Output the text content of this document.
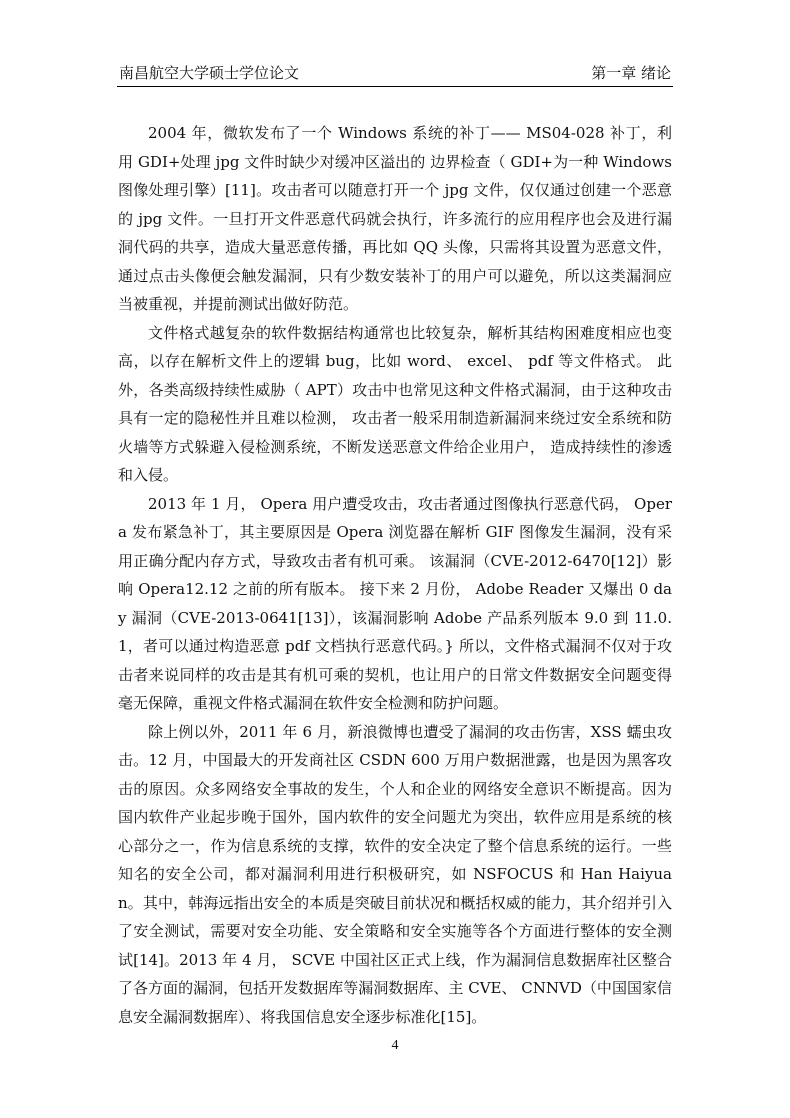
南昌航空大学硕士学位论文	第一章 绪论

2004 年，微软发布了一个 Windows 系统的补丁—— MS04-028 补丁，利用 GDI+处理 jpg 文件时缺少对缓冲区溢出的 边界检查（ GDI+为一种 Windows 图像处理引擎）[11]。攻击者可以随意打开一个 jpg 文件，仅仅通过创建一个恶意的 jpg 文件。一旦打开文件恶意代码就会执行，许多流行的应用程序也会及进行漏洞代码的共享，造成大量恶意传播，再比如 QQ 头像，只需将其设置为恶意文件，通过点击头像便会触发漏洞，只有少数安装补丁的用户可以避免，所以这类漏洞应当被重视，并提前测试出做好防范。

文件格式越复杂的软件数据结构通常也比较复杂，解析其结构困难度相应也变高，以存在解析文件上的逻辑 bug，比如 word、 excel、 pdf 等文件格式。 此外，各类高级持续性威胁（ APT）攻击中也常见这种文件格式漏洞，由于这种攻击具有一定的隐秘性并且难以检测， 攻击者一般采用制造新漏洞来绕过安全系统和防火墙等方式躲避入侵检测系统，不断发送恶意文件给企业用户， 造成持续性的渗透和入侵。

2013 年 1 月， Opera 用户遭受攻击，攻击者通过图像执行恶意代码， Opera 发布紧急补丁，其主要原因是 Opera 浏览器在解析 GIF 图像发生漏洞，没有采用正确分配内存方式，导致攻击者有机可乘。 该漏洞（CVE-2012-6470[12]）影响 Opera12.12 之前的所有版本。 接下来 2 月份， Adobe Reader 又爆出 0 day 漏洞（CVE-2013-0641[13]），该漏洞影响 Adobe 产品系列版本 9.0 到 11.0.1，者可以通过构造恶意 pdf 文档执行恶意代码。} 所以，文件格式漏洞不仅对于攻击者来说同样的攻击是其有机可乘的契机，也让用户的日常文件数据安全问题变得毫无保障，重视文件格式漏洞在软件安全检测和防护问题。

除上例以外，2011 年 6 月，新浪微博也遭受了漏洞的攻击伤害，XSS 蠕虫攻击。12 月，中国最大的开发商社区 CSDN 600 万用户数据泄露，也是因为黑客攻击的原因。众多网络安全事故的发生，个人和企业的网络安全意识不断提高。因为国内软件产业起步晚于国外，国内软件的安全问题尤为突出，软件应用是系统的核心部分之一，作为信息系统的支撑，软件的安全决定了整个信息系统的运行。一些知名的安全公司，都对漏洞利用进行积极研究，如 NSFOCUS 和 Han Haiyuan。其中，韩海远指出安全的本质是突破目前状况和概括权威的能力，其介绍并引入了安全测试，需要对安全功能、安全策略和安全实施等各个方面进行整体的安全测试[14]。2013 年 4 月， SCVE 中国社区正式上线，作为漏洞信息数据库社区整合了各方面的漏洞，包括开发数据库等漏洞数据库、主 CVE、 CNNVD（中国国家信息安全漏洞数据库）、将我国信息安全逐步标准化[15]。

4
